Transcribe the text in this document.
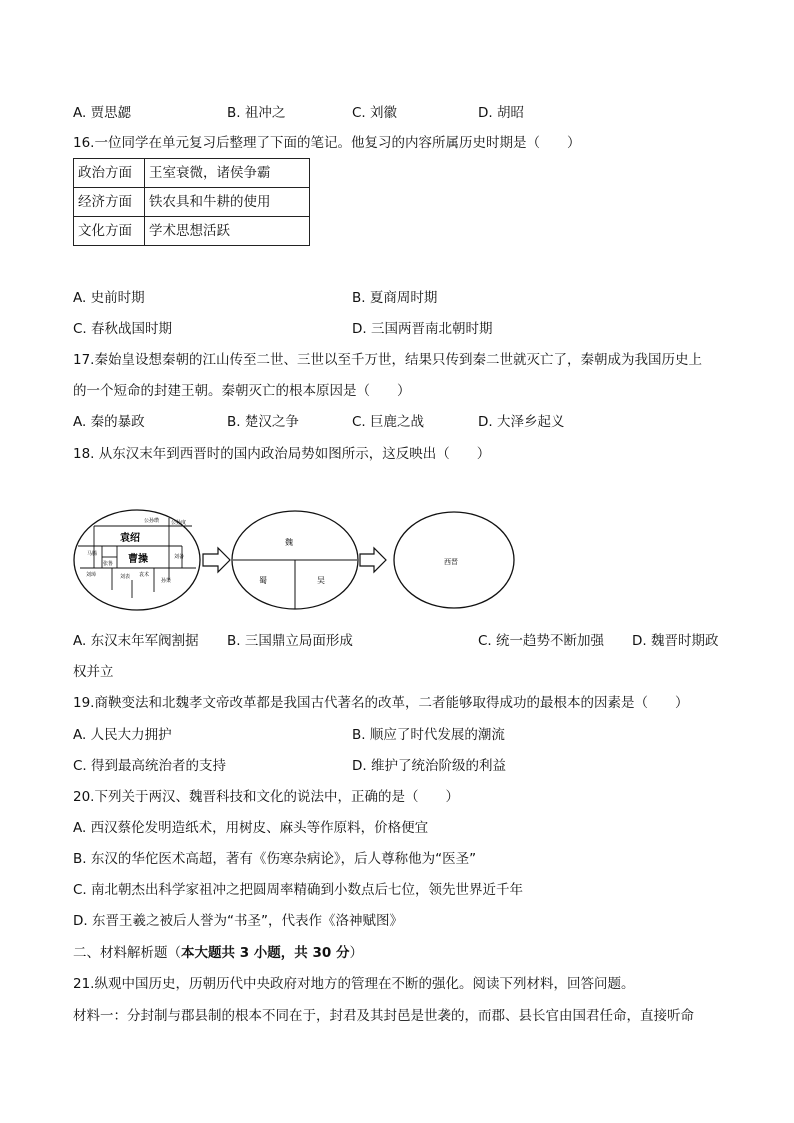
A. 贾思勰	B. 祖冲之	C. 刘徽	D. 胡昭
16.一位同学在单元复习后整理了下面的笔记。他复习的内容所属历史时期是（　　）
政治方面	王室衰微，诸侯争霸
经济方面	铁农具和牛耕的使用
文化方面	学术思想活跃
A. 史前时期	B. 夏商周时期
C. 春秋战国时期	D. 三国两晋南北朝时期
17.秦始皇设想秦朝的江山传至二世、三世以至千万世，结果只传到秦二世就灭亡了，秦朝成为我国历史上
的一个短命的封建王朝。秦朝灭亡的根本原因是（　　）
A. 秦的暴政	B. 楚汉之争	C. 巨鹿之战	D. 大泽乡起义
18. 从东汉末年到西晋时的国内政治局势如图所示，这反映出（　　）
袁绍
曹操
公孙瓒 公孙度
马腾
张鲁
刘璋	刘表
孙策
袁术
刘备
魏
蜀	吴
西晋
A. 东汉末年军阀割据 B. 三国鼎立局面形成	C. 统一趋势不断加强 D. 魏晋时期政
权并立
19.商鞅变法和北魏孝文帝改革都是我国古代著名的改革，二者能够取得成功的最根本的因素是（　　）
A. 人民大力拥护	B. 顺应了时代发展的潮流
C. 得到最高统治者的支持	D. 维护了统治阶级的利益
20.下列关于两汉、魏晋科技和文化的说法中，正确的是（　　）
A. 西汉蔡伦发明造纸术，用树皮、麻头等作原料，价格便宜
B. 东汉的华佗医术高超，著有《伤寒杂病论》，后人尊称他为“医圣”
C. 南北朝杰出科学家祖冲之把圆周率精确到小数点后七位，领先世界近千年
D. 东晋王羲之被后人誉为“书圣”，代表作《洛神赋图》
二、材料解析题（本大题共 3 小题，共 30 分）
21.纵观中国历史，历朝历代中央政府对地方的管理在不断的强化。阅读下列材料，回答问题。
材料一：分封制与郡县制的根本不同在于，封君及其封邑是世袭的，而郡、县长官由国君任命，直接听命
